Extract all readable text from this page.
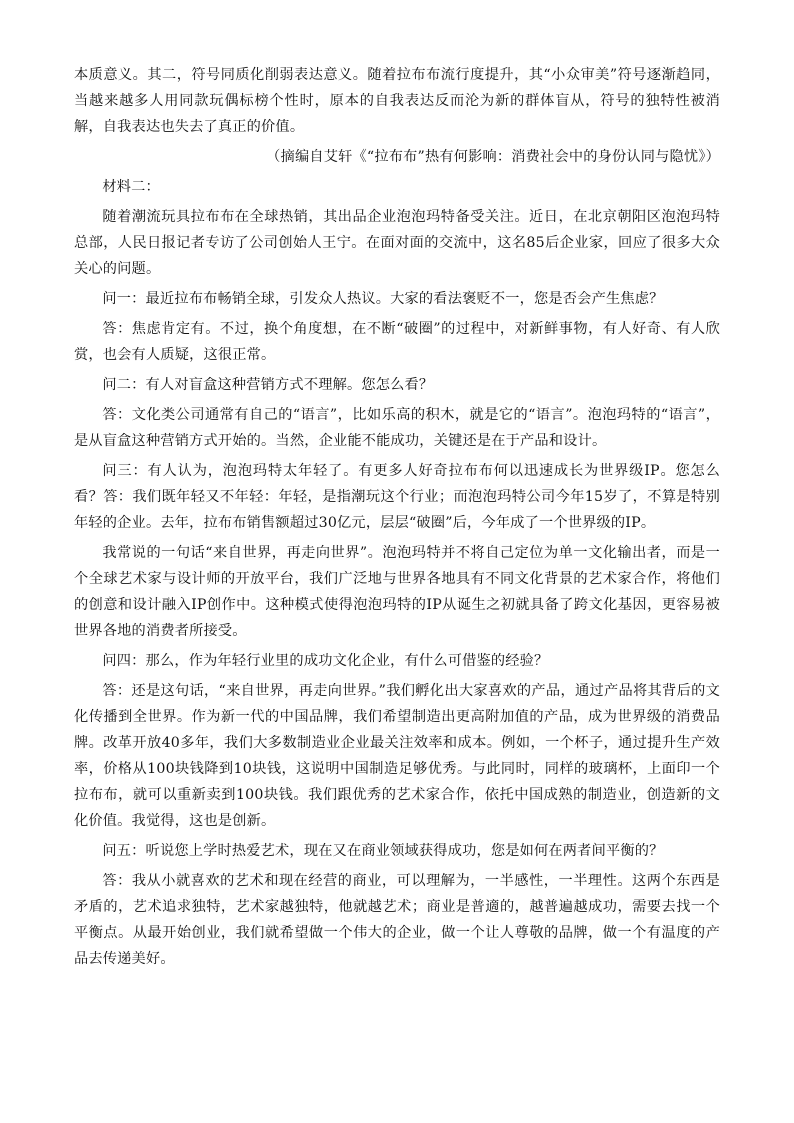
本质意义。其二，符号同质化削弱表达意义。随着拉布布流行度提升，其“小众审美”符号逐渐趋同，当越来越多人用同款玩偶标榜个性时，原本的自我表达反而沦为新的群体盲从，符号的独特性被消解，自我表达也失去了真正的价值。

（摘编自艾轩《“拉布布”热有何影响：消费社会中的身份认同与隐忧》）

材料二：

随着潮流玩具拉布布在全球热销，其出品企业泡泡玛特备受关注。近日，在北京朝阳区泡泡玛特总部，人民日报记者专访了公司创始人王宁。在面对面的交流中，这名85后企业家，回应了很多大众关心的问题。

问一：最近拉布布畅销全球，引发众人热议。大家的看法褒贬不一，您是否会产生焦虑？

答：焦虑肯定有。不过，换个角度想，在不断“破圈”的过程中，对新鲜事物，有人好奇、有人欣赏，也会有人质疑，这很正常。

问二：有人对盲盒这种营销方式不理解。您怎么看？

答：文化类公司通常有自己的“语言”，比如乐高的积木，就是它的“语言”。泡泡玛特的“语言”，是从盲盒这种营销方式开始的。当然，企业能不能成功，关键还是在于产品和设计。

问三：有人认为，泡泡玛特太年轻了。有更多人好奇拉布布何以迅速成长为世界级IP。您怎么看？答：我们既年轻又不年轻：年轻，是指潮玩这个行业；而泡泡玛特公司今年15岁了，不算是特别年轻的企业。去年，拉布布销售额超过30亿元，层层“破圈”后，今年成了一个世界级的IP。

我常说的一句话“来自世界，再走向世界”。泡泡玛特并不将自己定位为单一文化输出者，而是一个全球艺术家与设计师的开放平台，我们广泛地与世界各地具有不同文化背景的艺术家合作，将他们的创意和设计融入IP创作中。这种模式使得泡泡玛特的IP从诞生之初就具备了跨文化基因，更容易被世界各地的消费者所接受。

问四：那么，作为年轻行业里的成功文化企业，有什么可借鉴的经验？

答：还是这句话，“来自世界，再走向世界。”我们孵化出大家喜欢的产品，通过产品将其背后的文化传播到全世界。作为新一代的中国品牌，我们希望制造出更高附加值的产品，成为世界级的消费品牌。改革开放40多年，我们大多数制造业企业最关注效率和成本。例如，一个杯子，通过提升生产效率，价格从100块钱降到10块钱，这说明中国制造足够优秀。与此同时，同样的玻璃杯，上面印一个拉布布，就可以重新卖到100块钱。我们跟优秀的艺术家合作，依托中国成熟的制造业，创造新的文化价值。我觉得，这也是创新。

问五：听说您上学时热爱艺术，现在又在商业领域获得成功，您是如何在两者间平衡的？

答：我从小就喜欢的艺术和现在经营的商业，可以理解为，一半感性，一半理性。这两个东西是矛盾的，艺术追求独特，艺术家越独特，他就越艺术；商业是普適的，越普遍越成功，需要去找一个平衡点。从最开始创业，我们就希望做一个伟大的企业，做一个让人尊敬的品牌，做一个有温度的产品去传递美好。
